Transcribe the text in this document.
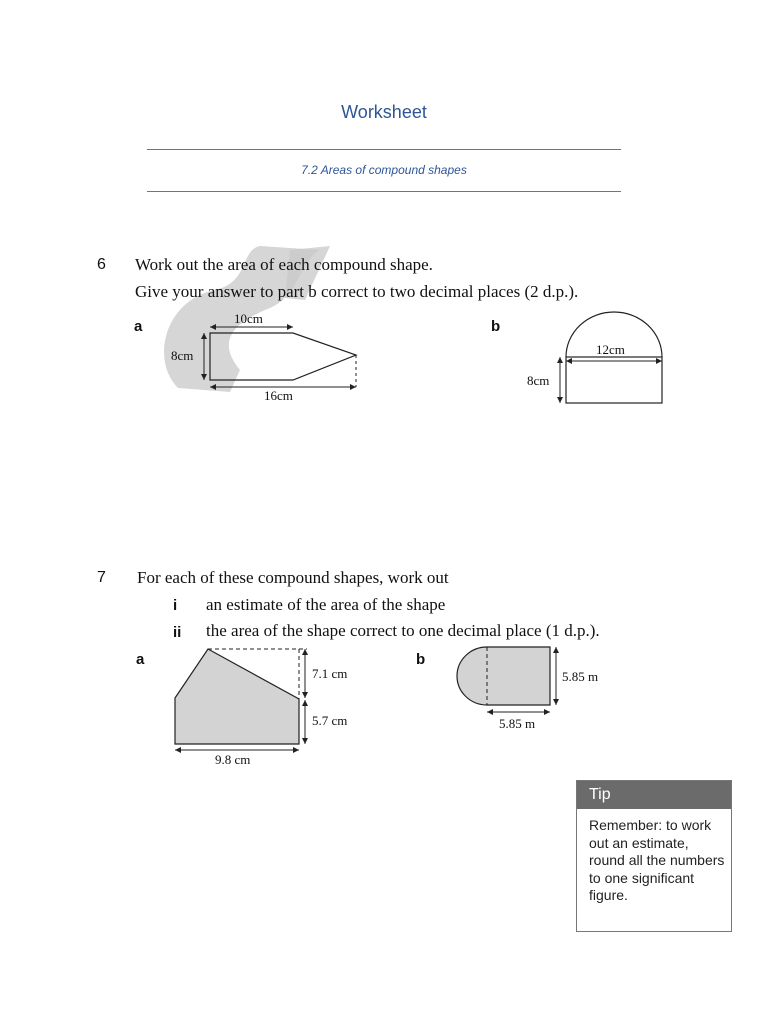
Worksheet
7.2 Areas of compound shapes
6 Work out the area of each compound shape.
Give your answer to part b correct to two decimal places (2 d.p.).
a	b
10cm
8cm
16cm
12cm
8cm
7 For each of these compound shapes, work out
i an estimate of the area of the shape
ii the area of the shape correct to one decimal place (1 d.p.).
a	b
7.1 cm
5.7 cm
9.8 cm
5.85 m
5.85 m
Tip
Remember: to work out an estimate, round all the numbers to one significant figure.
